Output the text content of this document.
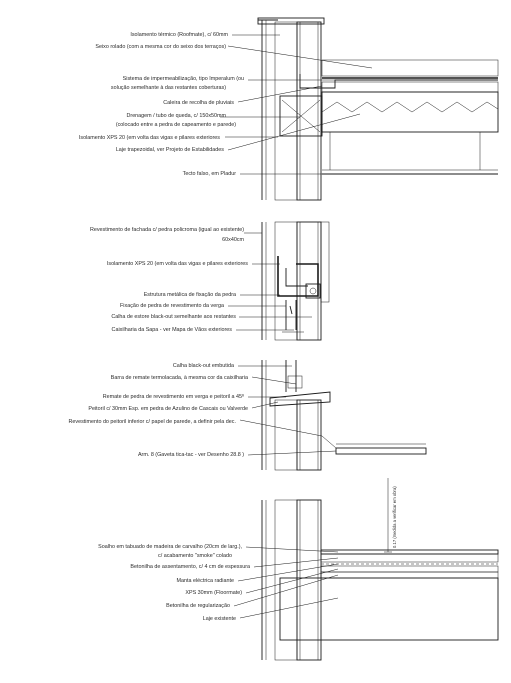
Isolamento térmico (Roofmate), c/ 60mm
Seixo rolado (com a mesma cor do seixo dos terraços)
Sistema de impermeabilização, tipo Imperalum (ou
solução semelhante à das restantes coberturas)
Caleira de recolha de pluviais
Drenagem / tubo de queda, c/ 150x50mm
(colocado entre a pedra de capeamento e parede)
Isolamento XPS 20 (em volta das vigas e pilares exteriores
Laje trapezoidal, ver Projeto de Estabilidades
Tecto falso, em Pladur
Revestimento de fachada c/ pedra policroma (igual ao existente)
60x40cm
Isolamento XPS 20 (em volta das vigas e pilares exteriores
Estrutura metálica de fixação da pedra
Fixação de pedra de revestimento da verga
Calha de estore black-out semelhante aos restantes
Caixilharia da Sapa - ver Mapa de Vãos exteriores
Calha black-out embutida
Barra de remate termolacada, à mesma cor da caixilharia
Remate de pedra de revestimento em verga e peitoril a 45º
Peitoril c/ 30mm Esp. em pedra de Azulino de Cascais ou Valverde
Revestimento do peitoril inferior c/ papel de parede, a definir pela dec.
Arm. 8 (Gaveta tica-tac - ver Desenho 28.8 )
Soalho em tabuado de madeira de carvalho (20cm de larg.),
c/ acabamento "smoke" colado
Betonilha de assentamento, c/ 4 cm de espessura
Manta eléctrica radiante
XPS 30mm (Floormate)
Betonilha de regularização
Laje existente
0.17 (medida a verificar em obra)
